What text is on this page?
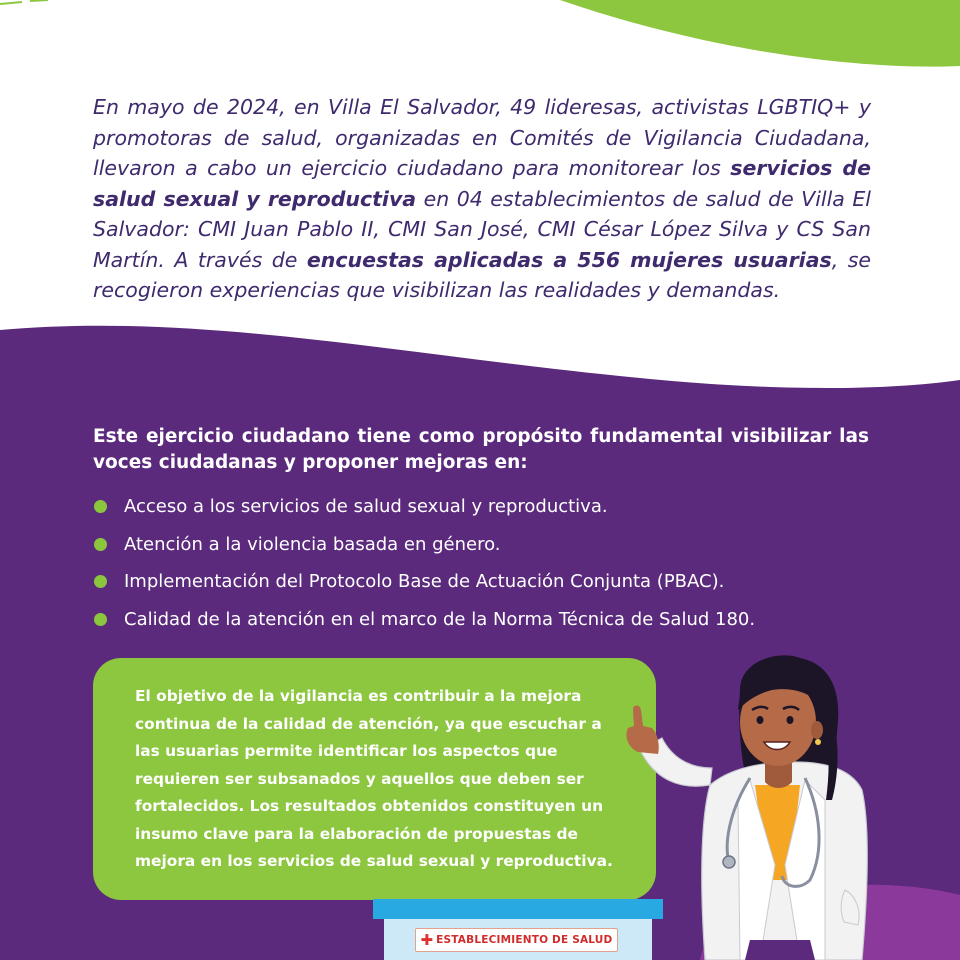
En mayo de 2024, en Villa El Salvador, 49 lideresas, activistas LGBTIQ+ y promotoras de salud, organizadas en Comités de Vigilancia Ciudadana, llevaron a cabo un ejercicio ciudadano para monitorear los servicios de salud sexual y reproductiva en 04 establecimientos de salud de Villa El Salvador: CMI Juan Pablo II, CMI San José, CMI César López Silva y CS San Martín. A través de encuestas aplicadas a 556 mujeres usuarias, se recogieron experiencias que visibilizan las realidades y demandas.
Este ejercicio ciudadano tiene como propósito fundamental visibilizar las voces ciudadanas y proponer mejoras en:
Acceso a los servicios de salud sexual y reproductiva.
Atención a la violencia basada en género.
Implementación del Protocolo Base de Actuación Conjunta (PBAC).
Calidad de la atención en el marco de la Norma Técnica de Salud 180.
El objetivo de la vigilancia es contribuir a la mejora continua de la calidad de atención, ya que escuchar a las usuarias permite identificar los aspectos que requieren ser subsanados y aquellos que deben ser fortalecidos. Los resultados obtenidos constituyen un insumo clave para la elaboración de propuestas de mejora en los servicios de salud sexual y reproductiva.
✚ ESTABLECIMIENTO DE SALUD
